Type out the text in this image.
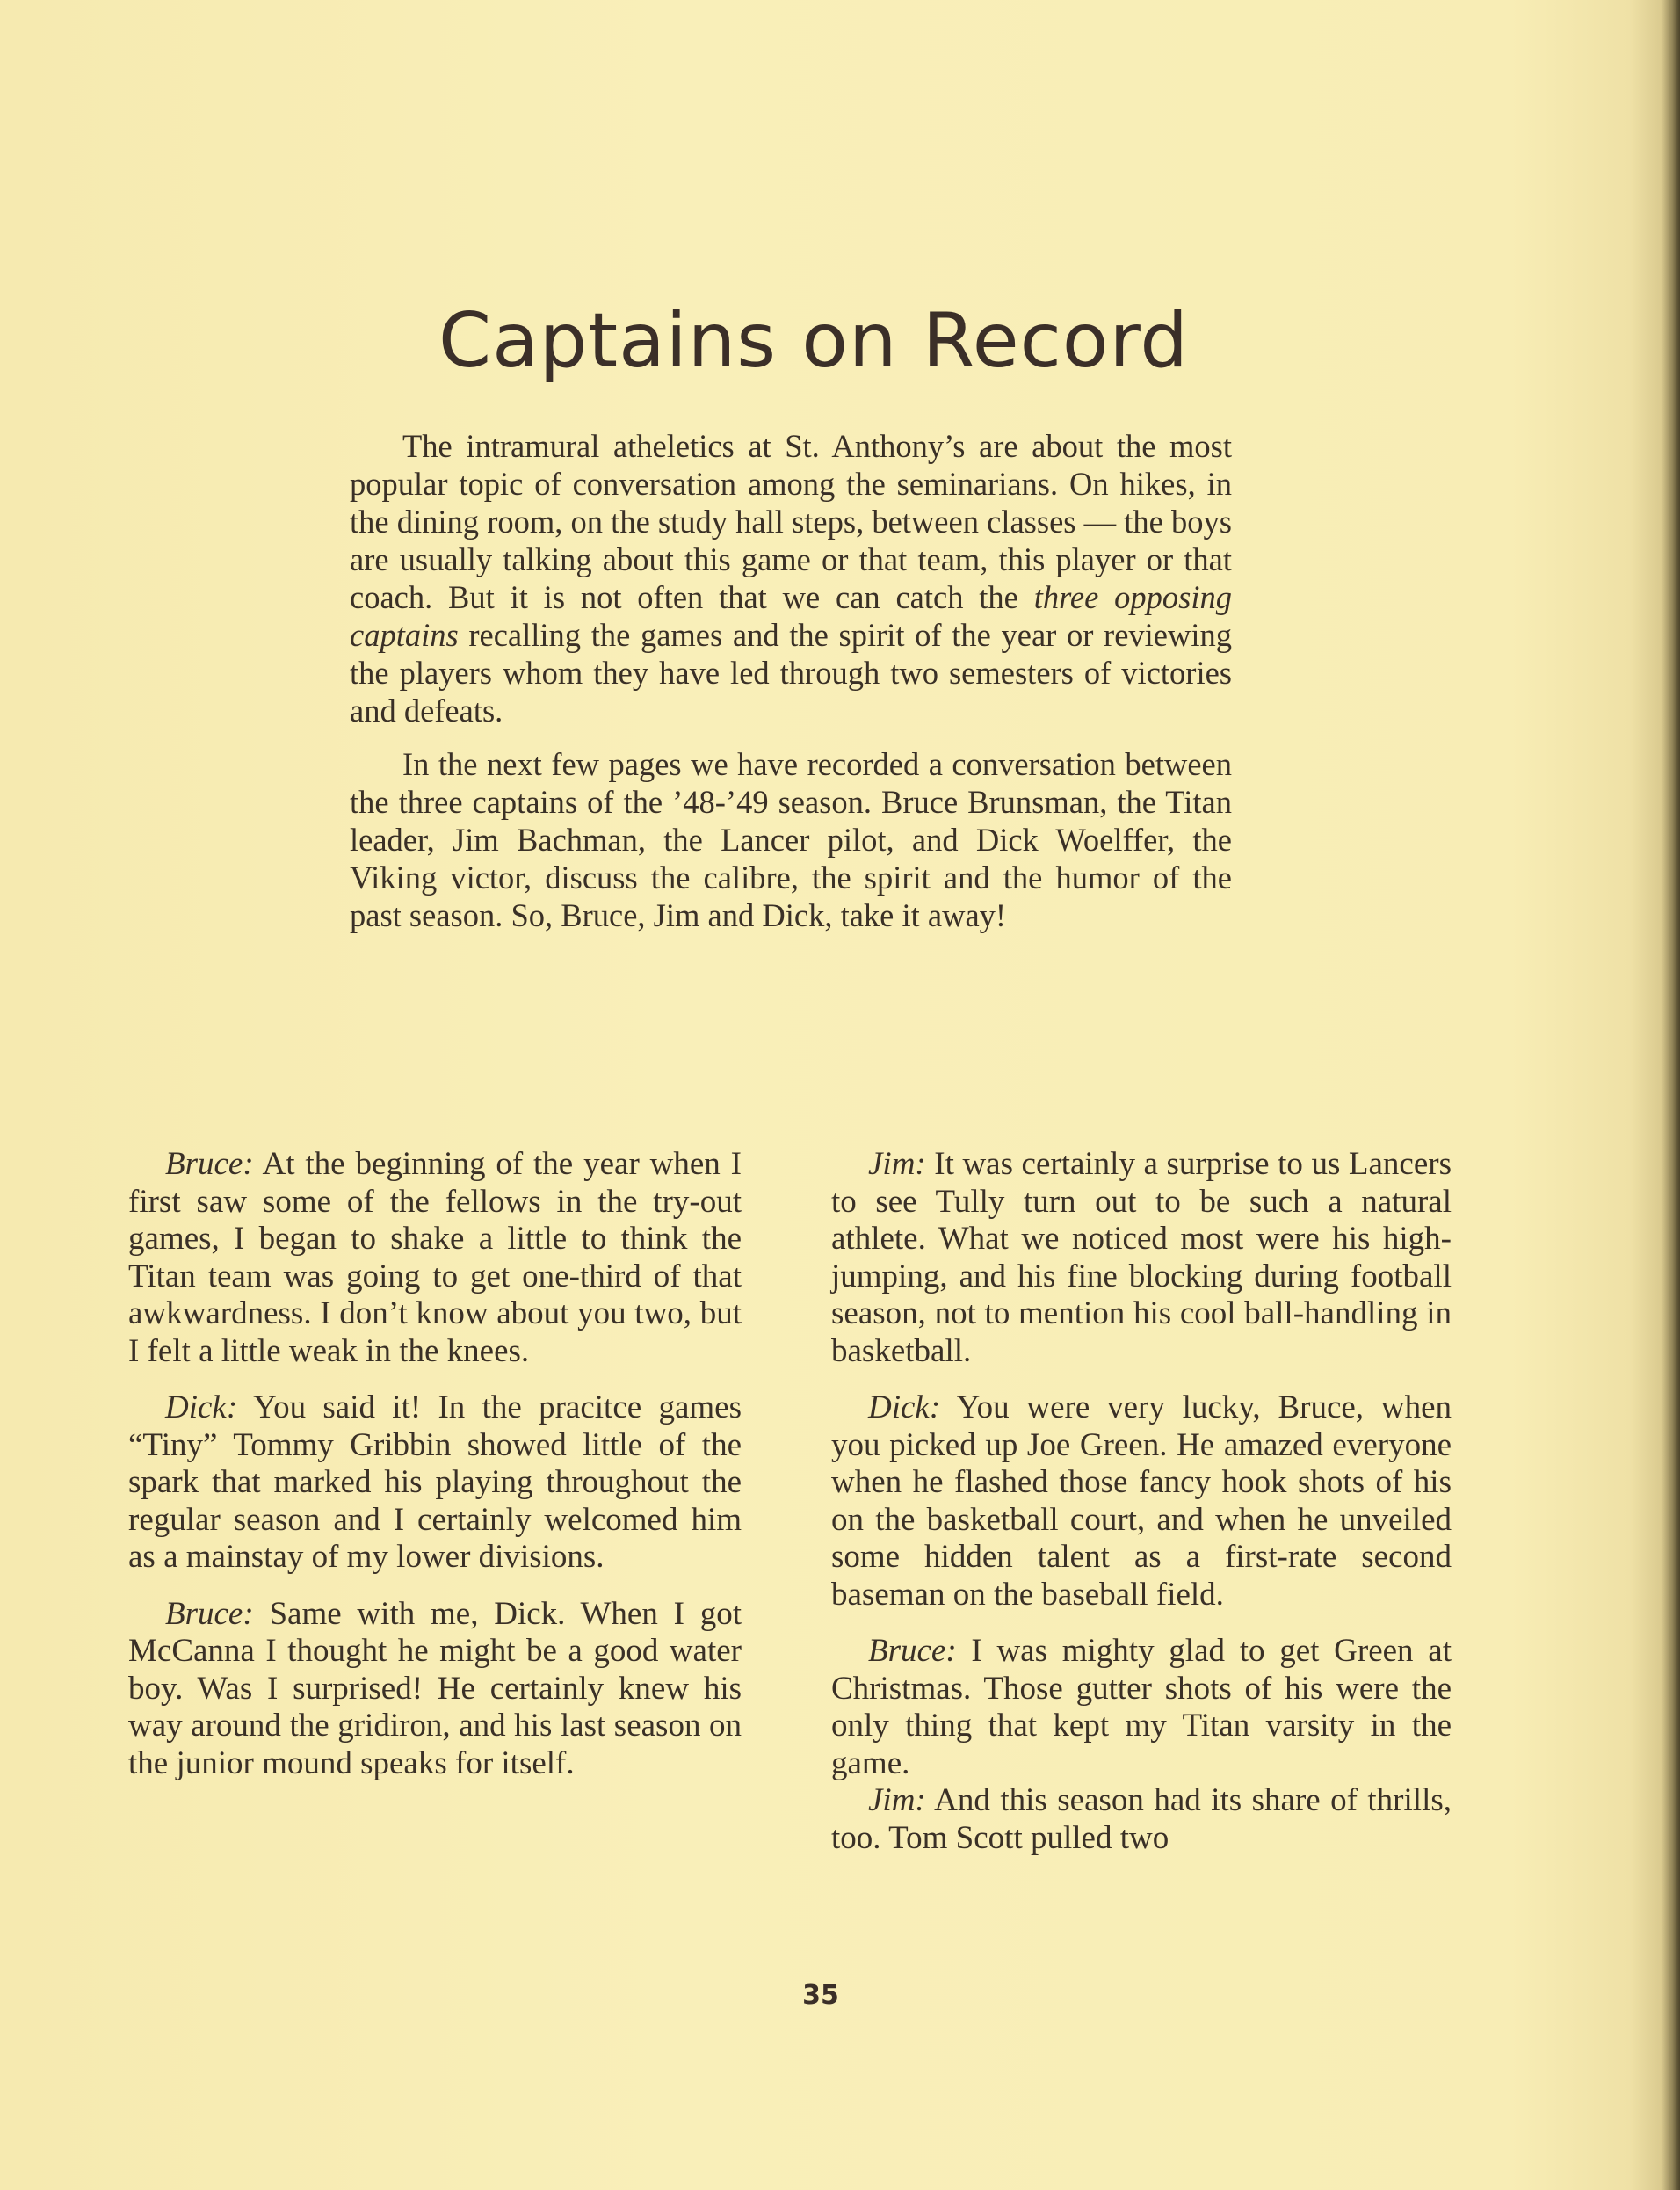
Captains on Record

The intramural atheletics at St. Anthony’s are about the most popular topic of conversation among the seminarians. On hikes, in the dining room, on the study hall steps, between classes — the boys are usually talking about this game or that team, this player or that coach. But it is not often that we can catch the three opposing captains recalling the games and the spirit of the year or reviewing the players whom they have led through two semesters of victories and defeats.

In the next few pages we have recorded a conversation between the three captains of the ’48-’49 season. Bruce Brunsman, the Titan leader, Jim Bachman, the Lancer pilot, and Dick Woelffer, the Viking victor, discuss the calibre, the spirit and the humor of the past season. So, Bruce, Jim and Dick, take it away!

Bruce: At the beginning of the year when I first saw some of the fellows in the try-out games, I began to shake a little to think the Titan team was going to get one-third of that awkwardness. I don’t know about you two, but I felt a little weak in the knees.

Dick: You said it! In the pracitce games “Tiny” Tommy Gribbin showed little of the spark that marked his playing throughout the regular season and I certainly welcomed him as a mainstay of my lower divisions.

Bruce: Same with me, Dick. When I got McCanna I thought he might be a good water boy. Was I surprised! He certainly knew his way around the gridiron, and his last season on the junior mound speaks for itself.

Jim: It was certainly a surprise to us Lancers to see Tully turn out to be such a natural athlete. What we noticed most were his high-jumping, and his fine blocking during football season, not to mention his cool ball-handling in basketball.

Dick: You were very lucky, Bruce, when you picked up Joe Green. He amazed everyone when he flashed those fancy hook shots of his on the basketball court, and when he unveiled some hidden talent as a first-rate second baseman on the baseball field.

Bruce: I was mighty glad to get Green at Christmas. Those gutter shots of his were the only thing that kept my Titan varsity in the game.

Jim: And this season had its share of thrills, too. Tom Scott pulled two

35
